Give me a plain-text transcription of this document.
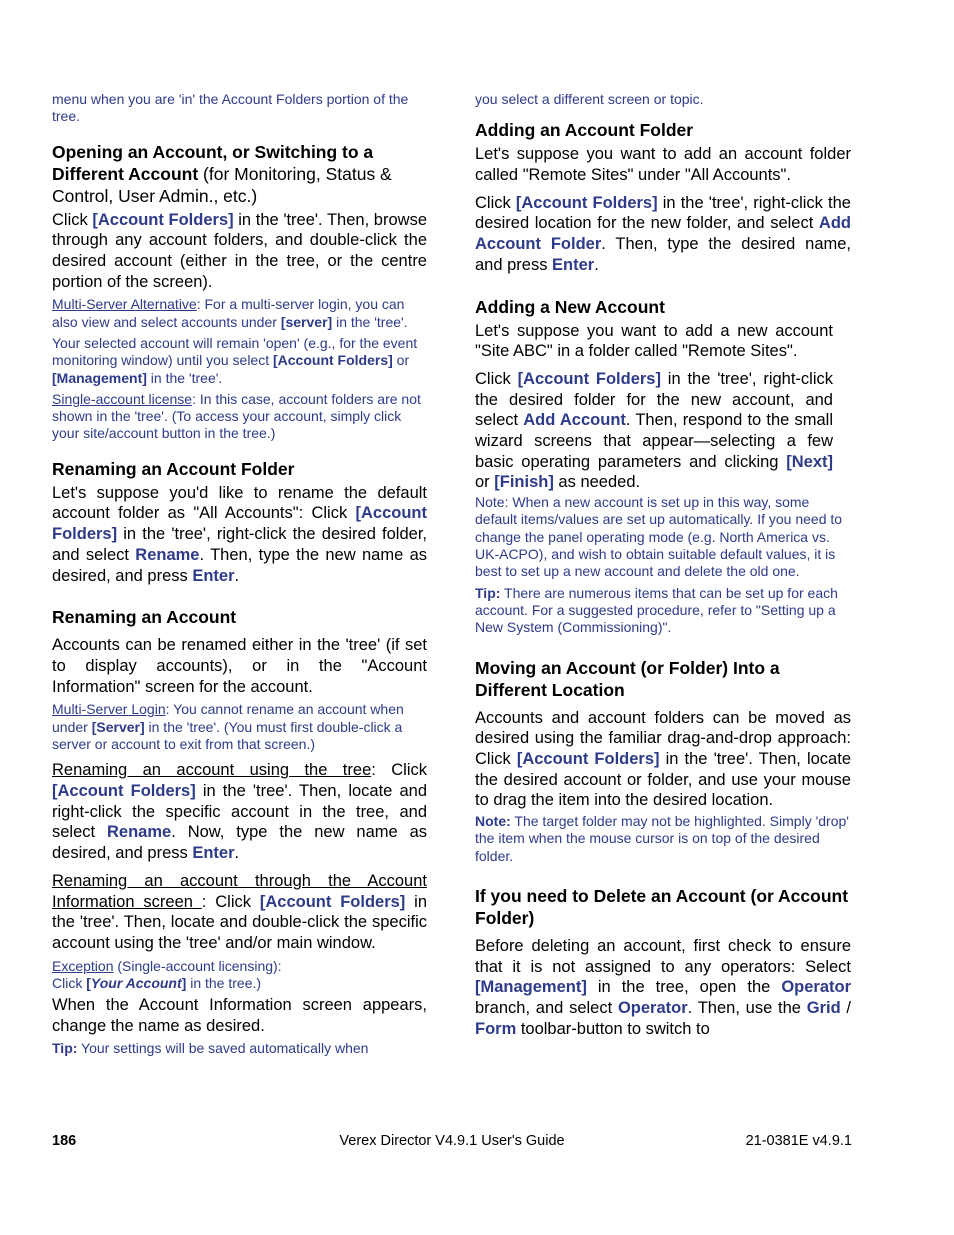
menu when you are 'in' the Account Folders portion of the tree.

Opening an Account, or Switching to a Different Account (for Monitoring, Status & Control, User Admin., etc.)

Click [Account Folders] in the 'tree'. Then, browse through any account folders, and double-click the desired account (either in the tree, or the centre portion of the screen).

Multi-Server Alternative: For a multi-server login, you can also view and select accounts under [server] in the 'tree'.

Your selected account will remain 'open' (e.g., for the event monitoring window) until you select [Account Folders] or [Management] in the 'tree'.

Single-account license: In this case, account folders are not shown in the 'tree'. (To access your account, simply click your site/account button in the tree.)

Renaming an Account Folder

Let's suppose you'd like to rename the default account folder as "All Accounts": Click [Account Folders] in the 'tree', right-click the desired folder, and select Rename. Then, type the new name as desired, and press Enter.

Renaming an Account

Accounts can be renamed either in the 'tree' (if set to display accounts), or in the "Account Information" screen for the account.

Multi-Server Login: You cannot rename an account when under [Server] in the 'tree'. (You must first double-click a server or account to exit from that screen.)

Renaming an account using the tree: Click [Account Folders] in the 'tree'. Then, locate and right-click the specific account in the tree, and select Rename. Now, type the new name as desired, and press Enter.

Renaming an account through the Account Information screen : Click [Account Folders] in the 'tree'. Then, locate and double-click the specific account using the 'tree' and/or main window.

Exception (Single-account licensing):
Click [Your Account] in the tree.)

When the Account Information screen appears, change the name as desired.

Tip: Your settings will be saved automatically when

you select a different screen or topic.

Adding an Account Folder

Let's suppose you want to add an account folder called "Remote Sites" under "All Accounts".

Click [Account Folders] in the 'tree', right-click the desired location for the new folder, and select Add Account Folder. Then, type the desired name, and press Enter.

Adding a New Account

Let's suppose you want to add a new account "Site ABC" in a folder called "Remote Sites".

Click [Account Folders] in the 'tree', right-click the desired folder for the new account, and select Add Account. Then, respond to the small wizard screens that appear—selecting a few basic operating parameters and clicking [Next] or [Finish] as needed.

Note: When a new account is set up in this way, some default items/values are set up automatically. If you need to change the panel operating mode (e.g. North America vs. UK-ACPO), and wish to obtain suitable default values, it is best to set up a new account and delete the old one.

Tip: There are numerous items that can be set up for each account. For a suggested procedure, refer to "Setting up a New System (Commissioning)".

Moving an Account (or Folder) Into a Different Location

Accounts and account folders can be moved as desired using the familiar drag-and-drop approach: Click [Account Folders] in the 'tree'. Then, locate the desired account or folder, and use your mouse to drag the item into the desired location.

Note: The target folder may not be highlighted. Simply 'drop' the item when the mouse cursor is on top of the desired folder.

If you need to Delete an Account (or Account Folder)

Before deleting an account, first check to ensure that it is not assigned to any operators: Select [Management] in the tree, open the Operator branch, and select Operator. Then, use the Grid / Form toolbar-button to switch to

Verex Director V4.9.1 User's Guide
186	21-0381E v4.9.1
